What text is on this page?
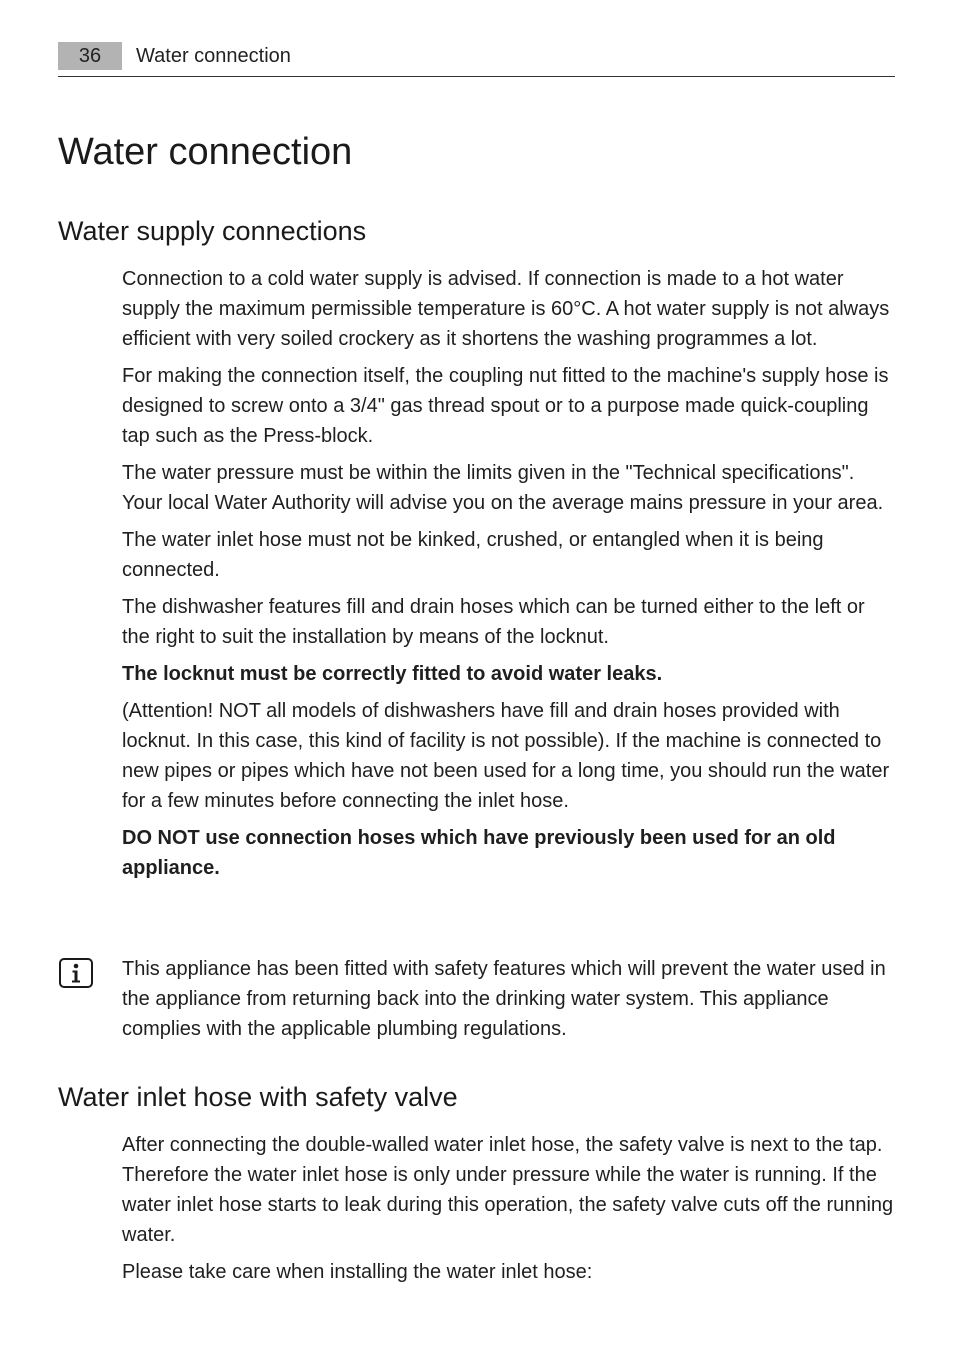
36	Water connection
Water connection
Water supply connections

Connection to a cold water supply is advised. If connection is made to a hot water supply the maximum permissible temperature is 60°C. A hot water supply is not always efficient with very soiled crockery as it shortens the washing programmes a lot.

For making the connection itself, the coupling nut fitted to the machine's supply hose is designed to screw onto a 3/4" gas thread spout or to a purpose made quick-coupling tap such as the Press-block.

The water pressure must be within the limits given in the "Technical specifications". Your local Water Authority will advise you on the average mains pressure in your area.

The water inlet hose must not be kinked, crushed, or entangled when it is being connected.

The dishwasher features fill and drain hoses which can be turned either to the left or the right to suit the installation by means of the locknut.

The locknut must be correctly fitted to avoid water leaks.

(Attention! NOT all models of dishwashers have fill and drain hoses provided with locknut. In this case, this kind of facility is not possible). If the machine is connected to new pipes or pipes which have not been used for a long time, you should run the water for a few minutes before connecting the inlet hose.

DO NOT use connection hoses which have previously been used for an old appliance.

This appliance has been fitted with safety features which will prevent the water used in the appliance from returning back into the drinking water system. This appliance complies with the applicable plumbing regulations.

Water inlet hose with safety valve

After connecting the double-walled water inlet hose, the safety valve is next to the tap. Therefore the water inlet hose is only under pressure while the water is running. If the water inlet hose starts to leak during this operation, the safety valve cuts off the running water.

Please take care when installing the water inlet hose:
